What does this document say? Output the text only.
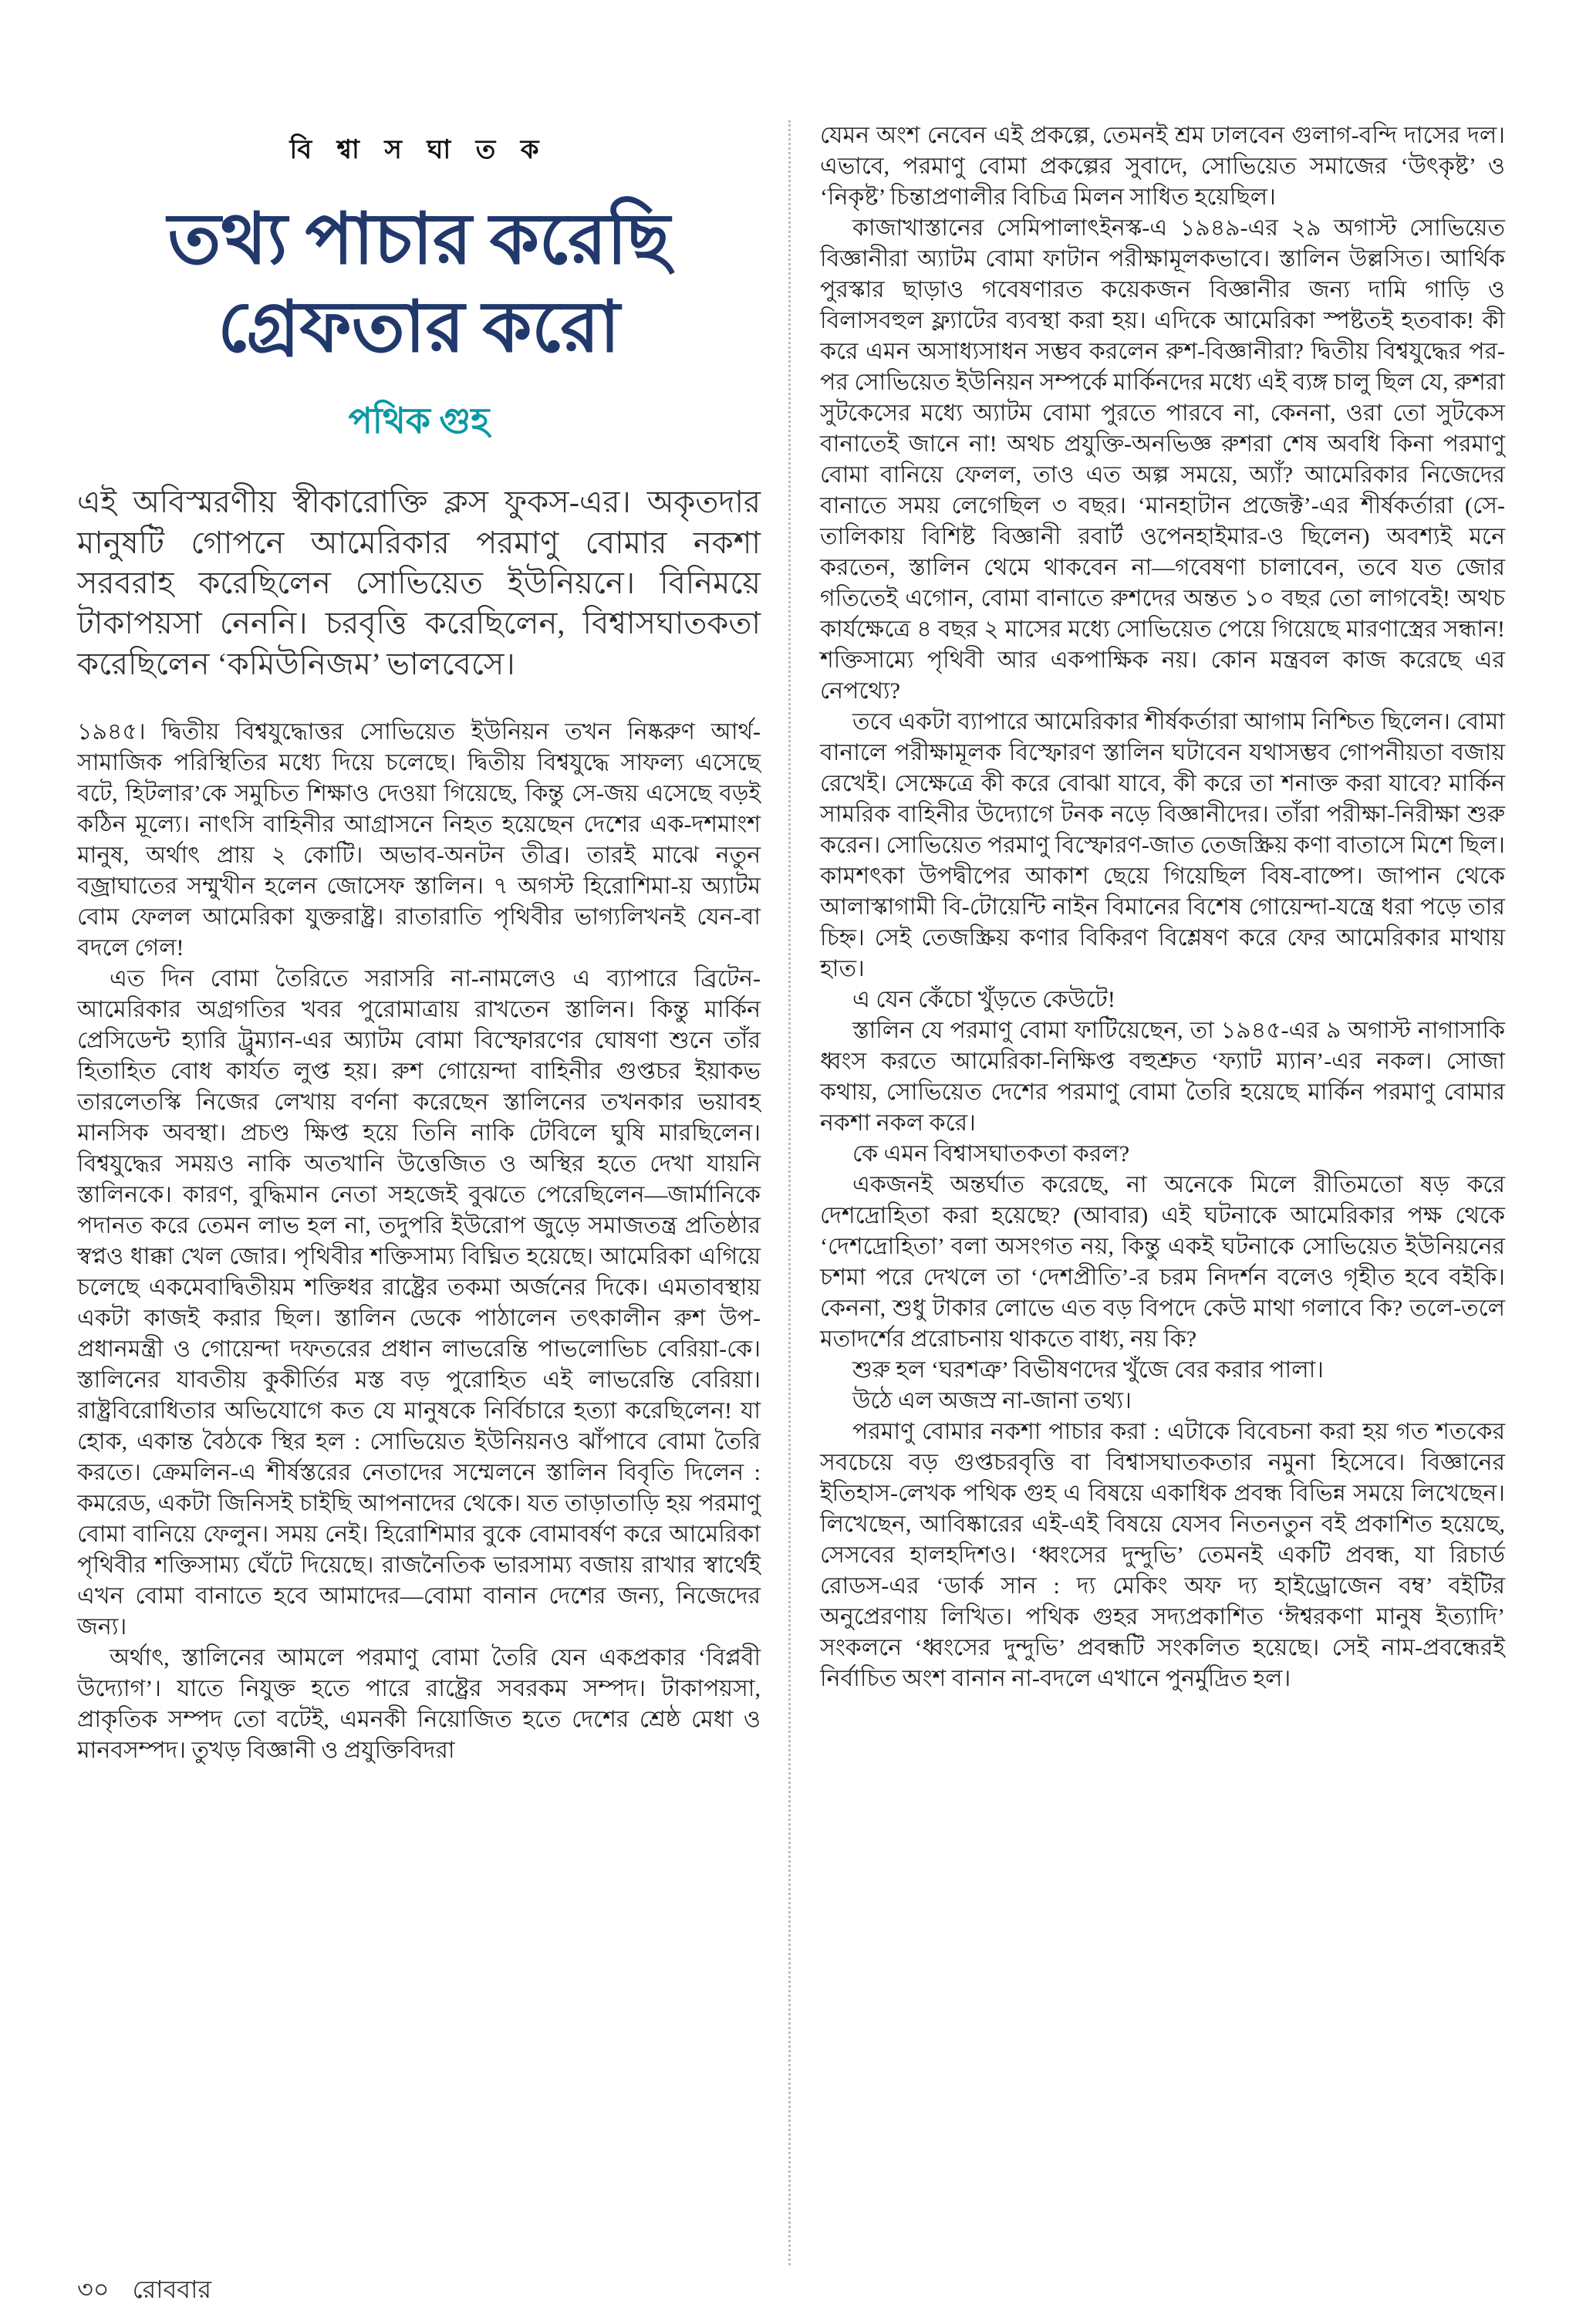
বি শ্বা স ঘা ত ক
তথ্য পাচার করেছি
গ্রেফতার করো
পথিক গুহ
এই অবিস্মরণীয় স্বীকারোক্তি ক্লস ফুকস-এর। অকৃতদার মানুষটি গোপনে আমেরিকার পরমাণু বোমার নকশা সরবরাহ করেছিলেন সোভিয়েত ইউনিয়নে। বিনিময়ে টাকাপয়সা নেননি। চরবৃত্তি করেছিলেন, বিশ্বাসঘাতকতা করেছিলেন ‘কমিউনিজম’ ভালবেসে।

১৯৪৫। দ্বিতীয় বিশ্বযুদ্ধোত্তর সোভিয়েত ইউনিয়ন তখন নিষ্করুণ আর্থ-সামাজিক পরিস্থিতির মধ্যে দিয়ে চলেছে। দ্বিতীয় বিশ্বযুদ্ধে সাফল্য এসেছে বটে, হিটলার’কে সমুচিত শিক্ষাও দেওয়া গিয়েছে, কিন্তু সে-জয় এসেছে বড়ই কঠিন মূল্যে। নাৎসি বাহিনীর আগ্রাসনে নিহত হয়েছেন দেশের এক-দশমাংশ মানুষ, অর্থাৎ প্রায় ২ কোটি। অভাব-অনটন তীব্র। তারই মাঝে নতুন বজ্রাঘাতের সম্মুখীন হলেন জোসেফ স্তালিন। ৭ অগস্ট হিরোশিমা-য় অ্যাটম বোম ফেলল আমেরিকা যুক্তরাষ্ট্র। রাতারাতি পৃথিবীর ভাগ্যলিখনই যেন-বা বদলে গেল!

এত দিন বোমা তৈরিতে সরাসরি না-নামলেও এ ব্যাপারে ব্রিটেন-আমেরিকার অগ্রগতির খবর পুরোমাত্রায় রাখতেন স্তালিন। কিন্তু মার্কিন প্রেসিডেন্ট হ্যারি ট্রুম্যান-এর অ্যাটম বোমা বিস্ফোরণের ঘোষণা শুনে তাঁর হিতাহিত বোধ কার্যত লুপ্ত হয়। রুশ গোয়েন্দা বাহিনীর গুপ্তচর ইয়াকভ তারলেতস্কি নিজের লেখায় বর্ণনা করেছেন স্তালিনের তখনকার ভয়াবহ মানসিক অবস্থা। প্রচণ্ড ক্ষিপ্ত হয়ে তিনি নাকি টেবিলে ঘুষি মারছিলেন। বিশ্বযুদ্ধের সময়ও নাকি অতখানি উত্তেজিত ও অস্থির হতে দেখা যায়নি স্তালিনকে। কারণ, বুদ্ধিমান নেতা সহজেই বুঝতে পেরেছিলেন—জার্মানিকে পদানত করে তেমন লাভ হল না, তদুপরি ইউরোপ জুড়ে সমাজতন্ত্র প্রতিষ্ঠার স্বপ্নও ধাক্কা খেল জোর। পৃথিবীর শক্তিসাম্য বিঘ্নিত হয়েছে। আমেরিকা এগিয়ে চলেছে একমেবাদ্বিতীয়ম শক্তিধর রাষ্ট্রের তকমা অর্জনের দিকে। এমতাবস্থায় একটা কাজই করার ছিল। স্তালিন ডেকে পাঠালেন তৎকালীন রুশ উপ-প্রধানমন্ত্রী ও গোয়েন্দা দফতরের প্রধান লাভরেন্তি পাভলোভিচ বেরিয়া-কে। স্তালিনের যাবতীয় কুকীর্তির মস্ত বড় পুরোহিত এই লাভরেন্তি বেরিয়া। রাষ্ট্রবিরোধিতার অভিযোগে কত যে মানুষকে নির্বিচারে হত্যা করেছিলেন! যা হোক, একান্ত বৈঠকে স্থির হল : সোভিয়েত ইউনিয়নও ঝাঁপাবে বোমা তৈরি করতে। ক্রেমলিন-এ শীর্ষস্তরের নেতাদের সম্মেলনে স্তালিন বিবৃতি দিলেন : কমরেড, একটা জিনিসই চাইছি আপনাদের থেকে। যত তাড়াতাড়ি হয় পরমাণু বোমা বানিয়ে ফেলুন। সময় নেই। হিরোশিমার বুকে বোমাবর্ষণ করে আমেরিকা পৃথিবীর শক্তিসাম্য ঘেঁটে দিয়েছে। রাজনৈতিক ভারসাম্য বজায় রাখার স্বার্থেই এখন বোমা বানাতে হবে আমাদের—বোমা বানান দেশের জন্য, নিজেদের জন্য।

অর্থাৎ, স্তালিনের আমলে পরমাণু বোমা তৈরি যেন একপ্রকার ‘বিপ্লবী উদ্যোগ’। যাতে নিযুক্ত হতে পারে রাষ্ট্রের সবরকম সম্পদ। টাকাপয়সা, প্রাকৃতিক সম্পদ তো বটেই, এমনকী নিয়োজিত হতে দেশের শ্রেষ্ঠ মেধা ও মানবসম্পদ। তুখড় বিজ্ঞানী ও প্রযুক্তিবিদরা

যেমন অংশ নেবেন এই প্রকল্পে, তেমনই শ্রম ঢালবেন গুলাগ-বন্দি দাসের দল। এভাবে, পরমাণু বোমা প্রকল্পের সুবাদে, সোভিয়েত সমাজের ‘উৎকৃষ্ট’ ও ‘নিকৃষ্ট’ চিন্তাপ্রণালীর বিচিত্র মিলন সাধিত হয়েছিল।

কাজাখাস্তানের সেমিপালাৎইনস্ক-এ ১৯৪৯-এর ২৯ অগাস্ট সোভিয়েত বিজ্ঞানীরা অ্যাটম বোমা ফাটান পরীক্ষামূলকভাবে। স্তালিন উল্লসিত। আর্থিক পুরস্কার ছাড়াও গবেষণারত কয়েকজন বিজ্ঞানীর জন্য দামি গাড়ি ও বিলাসবহুল ফ্ল্যাটের ব্যবস্থা করা হয়। এদিকে আমেরিকা স্পষ্টতই হতবাক! কী করে এমন অসাধ্যসাধন সম্ভব করলেন রুশ-বিজ্ঞানীরা? দ্বিতীয় বিশ্বযুদ্ধের পর-পর সোভিয়েত ইউনিয়ন সম্পর্কে মার্কিনদের মধ্যে এই ব্যঙ্গ চালু ছিল যে, রুশরা সুটকেসের মধ্যে অ্যাটম বোমা পুরতে পারবে না, কেননা, ওরা তো সুটকেস বানাতেই জানে না! অথচ প্রযুক্তি-অনভিজ্ঞ রুশরা শেষ অবধি কিনা পরমাণু বোমা বানিয়ে ফেলল, তাও এত অল্প সময়ে, অ্যাঁ? আমেরিকার নিজেদের বানাতে সময় লেগেছিল ৩ বছর। ‘মানহাটান প্রজেক্ট’-এর শীর্ষকর্তারা (সে-তালিকায় বিশিষ্ট বিজ্ঞানী রবার্ট ওপেনহাইমার-ও ছিলেন) অবশ্যই মনে করতেন, স্তালিন থেমে থাকবেন না—গবেষণা চালাবেন, তবে যত জোর গতিতেই এগোন, বোমা বানাতে রুশদের অন্তত ১০ বছর তো লাগবেই! অথচ কার্যক্ষেত্রে ৪ বছর ২ মাসের মধ্যে সোভিয়েত পেয়ে গিয়েছে মারণাস্ত্রের সন্ধান! শক্তিসাম্যে পৃথিবী আর একপাক্ষিক নয়। কোন মন্ত্রবল কাজ করেছে এর নেপথ্যে?

তবে একটা ব্যাপারে আমেরিকার শীর্ষকর্তারা আগাম নিশ্চিত ছিলেন। বোমা বানালে পরীক্ষামূলক বিস্ফোরণ স্তালিন ঘটাবেন যথাসম্ভব গোপনীয়তা বজায় রেখেই। সেক্ষেত্রে কী করে বোঝা যাবে, কী করে তা শনাক্ত করা যাবে? মার্কিন সামরিক বাহিনীর উদ্যোগে টনক নড়ে বিজ্ঞানীদের। তাঁরা পরীক্ষা-নিরীক্ষা শুরু করেন। সোভিয়েত পরমাণু বিস্ফোরণ-জাত তেজস্ক্রিয় কণা বাতাসে মিশে ছিল। কামশৎকা উপদ্বীপের আকাশ ছেয়ে গিয়েছিল বিষ-বাষ্পে। জাপান থেকে আলাস্কাগামী বি-টোয়েন্টি নাইন বিমানের বিশেষ গোয়েন্দা-যন্ত্রে ধরা পড়ে তার চিহ্ন। সেই তেজস্ক্রিয় কণার বিকিরণ বিশ্লেষণ করে ফের আমেরিকার মাথায় হাত।

এ যেন কেঁচো খুঁড়তে কেউটে!

স্তালিন যে পরমাণু বোমা ফাটিয়েছেন, তা ১৯৪৫-এর ৯ অগাস্ট নাগাসাকি ধ্বংস করতে আমেরিকা-নিক্ষিপ্ত বহুশ্রুত ‘ফ্যাট ম্যান’-এর নকল। সোজা কথায়, সোভিয়েত দেশের পরমাণু বোমা তৈরি হয়েছে মার্কিন পরমাণু বোমার নকশা নকল করে।

কে এমন বিশ্বাসঘাতকতা করল?

একজনই অন্তর্ঘাত করেছে, না অনেকে মিলে রীতিমতো ষড় করে দেশদ্রোহিতা করা হয়েছে? (আবার) এই ঘটনাকে আমেরিকার পক্ষ থেকে ‘দেশদ্রোহিতা’ বলা অসংগত নয়, কিন্তু একই ঘটনাকে সোভিয়েত ইউনিয়নের চশমা পরে দেখলে তা ‘দেশপ্রীতি’-র চরম নিদর্শন বলেও গৃহীত হবে বইকি। কেননা, শুধু টাকার লোভে এত বড় বিপদে কেউ মাথা গলাবে কি? তলে-তলে মতাদর্শের প্ররোচনায় থাকতে বাধ্য, নয় কি?

শুরু হল ‘ঘরশত্রু’ বিভীষণদের খুঁজে বের করার পালা।

উঠে এল অজস্র না-জানা তথ্য।

পরমাণু বোমার নকশা পাচার করা : এটাকে বিবেচনা করা হয় গত শতকের সবচেয়ে বড় গুপ্তচরবৃত্তি বা বিশ্বাসঘাতকতার নমুনা হিসেবে। বিজ্ঞানের ইতিহাস-লেখক পথিক গুহ এ বিষয়ে একাধিক প্রবন্ধ বিভিন্ন সময়ে লিখেছেন। লিখেছেন, আবিষ্কারের এই-এই বিষয়ে যেসব নিতনতুন বই প্রকাশিত হয়েছে, সেসবের হালহদিশও। ‘ধ্বংসের দুন্দুভি’ তেমনই একটি প্রবন্ধ, যা রিচার্ড রোডস-এর ‘ডার্ক সান : দ্য মেকিং অফ দ্য হাইড্রোজেন বম্ব’ বইটির অনুপ্রেরণায় লিখিত। পথিক গুহর সদ্যপ্রকাশিত ‘ঈশ্বরকণা মানুষ ইত্যাদি’ সংকলনে ‘ধ্বংসের দুন্দুভি’ প্রবন্ধটি সংকলিত হয়েছে। সেই নাম-প্রবন্ধেরই নির্বাচিত অংশ বানান না-বদলে এখানে পুনর্মুদ্রিত হল।

৩০ রোববার
